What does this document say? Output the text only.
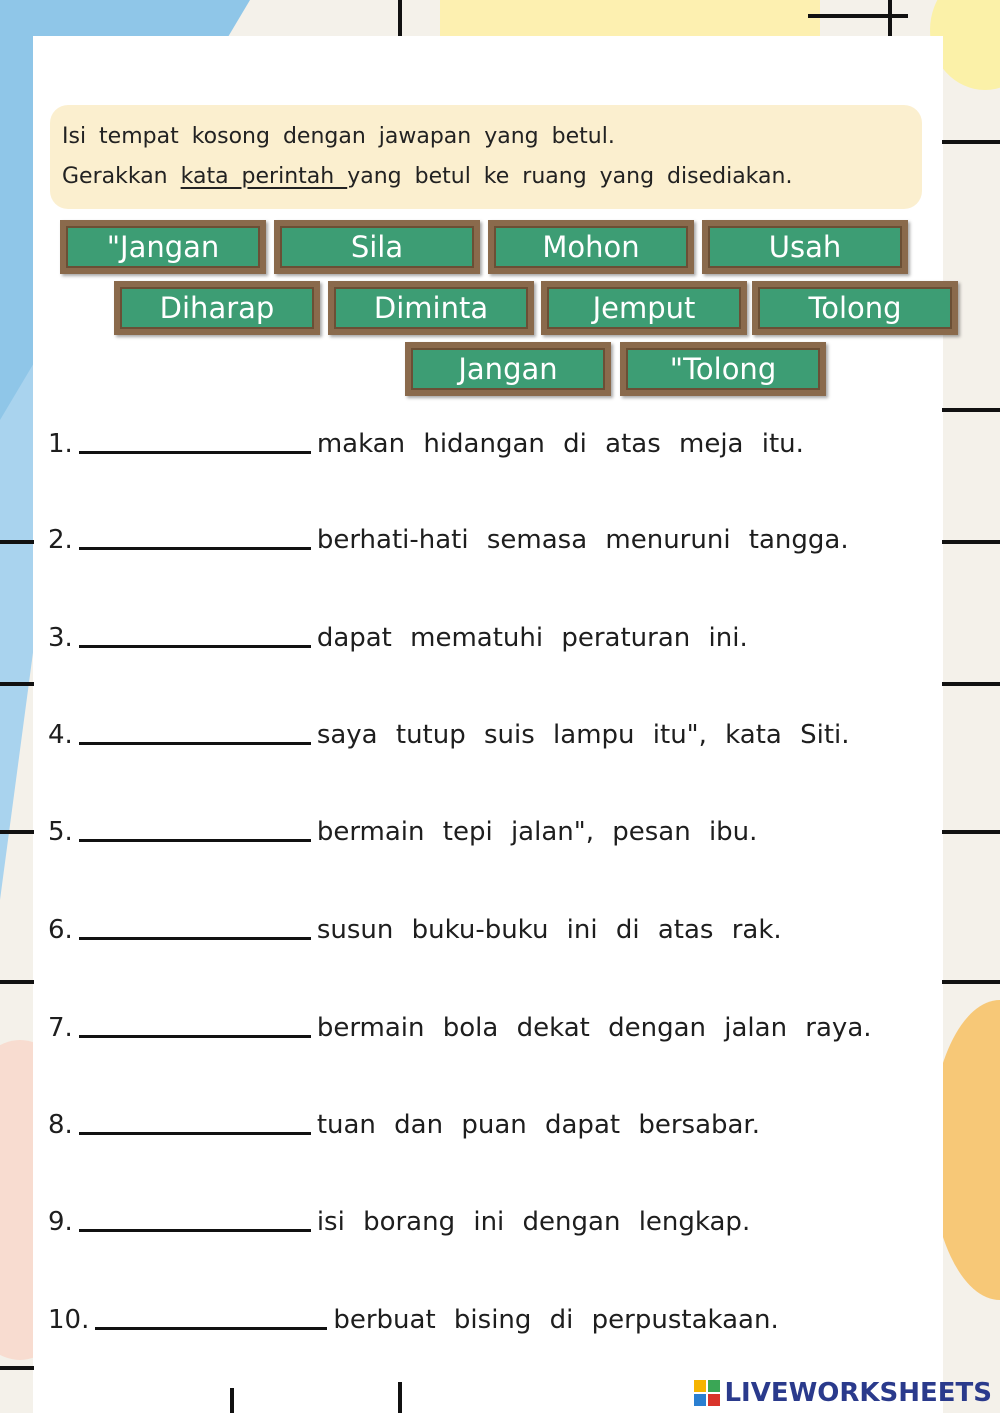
Isi tempat kosong dengan jawapan yang betul.
Gerakkan kata perintah yang betul ke ruang yang disediakan.
"Jangan	Sila	Mohon	Usah
Diharap	Diminta	Jemput	Tolong
Jangan	"Tolong
1.	makan hidangan di atas meja itu.
2.	berhati-hati semasa menuruni tangga.
3.	dapat mematuhi peraturan ini.
4.	saya tutup suis lampu itu", kata Siti.
5.	bermain tepi jalan", pesan ibu.
6.	susun buku-buku ini di atas rak.
7.	bermain bola dekat dengan jalan raya.
8.	tuan dan puan dapat bersabar.
9.	isi borang ini dengan lengkap.
10.	berbuat bising di perpustakaan.
LIVEWORKSHEETS
